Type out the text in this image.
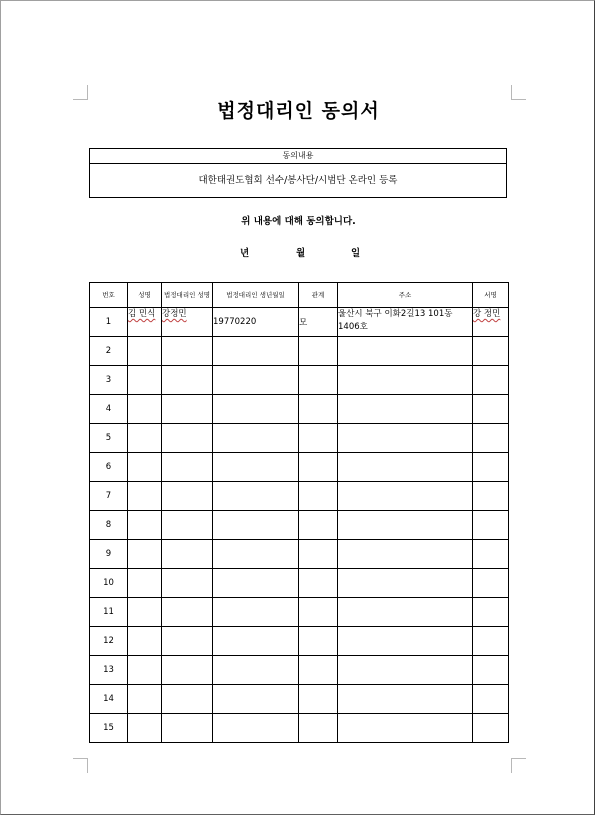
법정대리인 동의서
동의내용
대한태권도협회 선수/봉사단/시범단 온라인 등록
위 내용에 대해 동의합니다.
년	월	일
번호	성명	법정대리인 성명	법정대리인 생년월일	관계	주소	서명
1	김 민식	강정민	19770220	모	울산시 북구 이화2길13 101동 1406호	강 정민
2						
3						
4						
5						
6						
7						
8						
9						
10						
11						
12						
13						
14						
15						
